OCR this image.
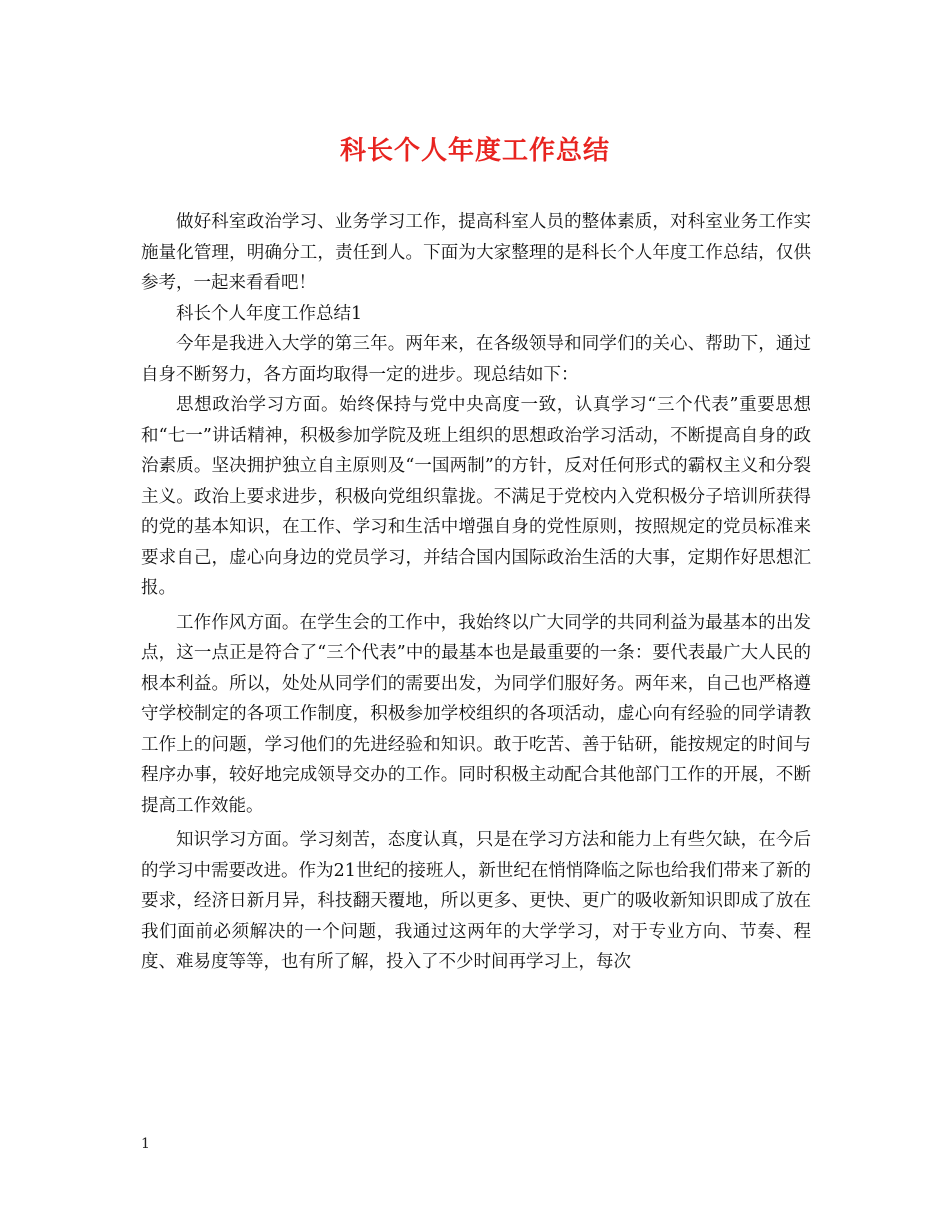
科长个人年度工作总结

做好科室政治学习、业务学习工作，提高科室人员的整体素质，对科室业务工作实施量化管理，明确分工，责任到人。下面为大家整理的是科长个人年度工作总结，仅供参考，一起来看看吧！

科长个人年度工作总结1

今年是我进入大学的第三年。两年来，在各级领导和同学们的关心、帮助下，通过自身不断努力，各方面均取得一定的进步。现总结如下：

思想政治学习方面。始终保持与党中央高度一致，认真学习“三个代表”重要思想和“七一”讲话精神，积极参加学院及班上组织的思想政治学习活动，不断提高自身的政治素质。坚决拥护独立自主原则及“一国两制”的方针，反对任何形式的霸权主义和分裂主义。政治上要求进步，积极向党组织靠拢。不满足于党校内入党积极分子培训所获得的党的基本知识，在工作、学习和生活中增强自身的党性原则，按照规定的党员标准来要求自己，虚心向身边的党员学习，并结合国内国际政治生活的大事，定期作好思想汇报。

工作作风方面。在学生会的工作中，我始终以广大同学的共同利益为最基本的出发点，这一点正是符合了“三个代表”中的最基本也是最重要的一条：要代表最广大人民的根本利益。所以，处处从同学们的需要出发，为同学们服好务。两年来，自己也严格遵守学校制定的各项工作制度，积极参加学校组织的各项活动，虚心向有经验的同学请教工作上的问题，学习他们的先进经验和知识。敢于吃苦、善于钻研，能按规定的时间与程序办事，较好地完成领导交办的工作。同时积极主动配合其他部门工作的开展，不断提高工作效能。

知识学习方面。学习刻苦，态度认真，只是在学习方法和能力上有些欠缺，在今后的学习中需要改进。作为21世纪的接班人，新世纪在悄悄降临之际也给我们带来了新的要求，经济日新月异，科技翻天覆地，所以更多、更快、更广的吸收新知识即成了放在我们面前必须解决的一个问题，我通过这两年的大学学习，对于专业方向、节奏、程度、难易度等等，也有所了解，投入了不少时间再学习上，每次

1
